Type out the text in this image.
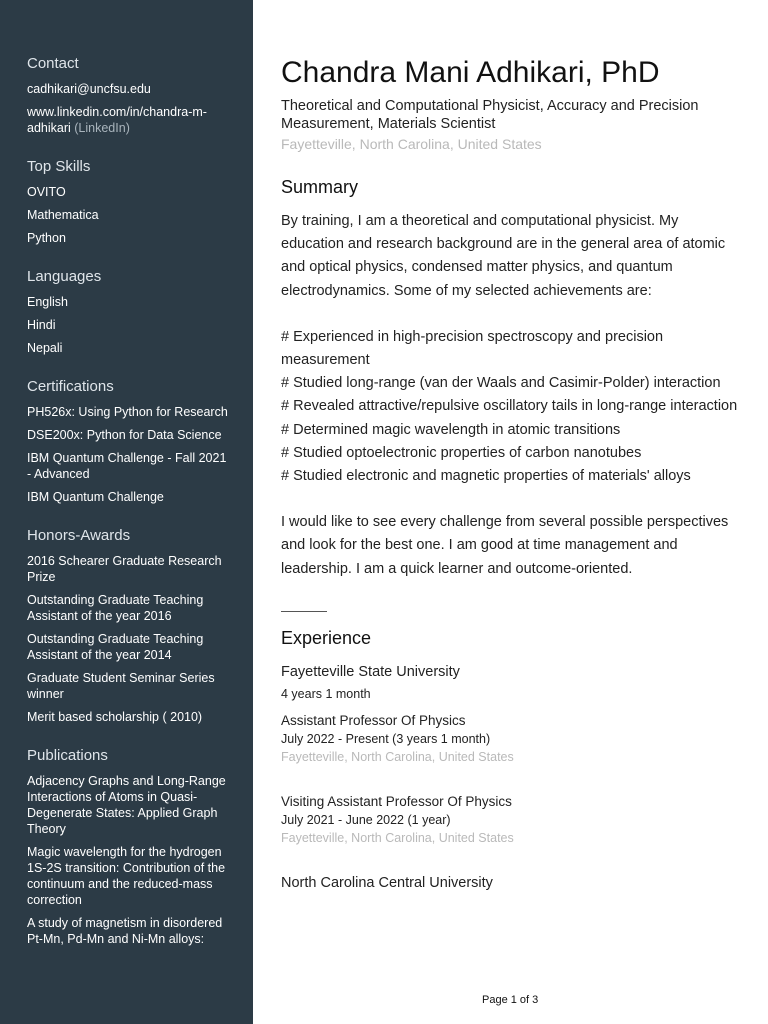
Contact
cadhikari@uncfsu.edu
www.linkedin.com/in/chandra-m-adhikari (LinkedIn)
Top Skills
OVITO
Mathematica
Python
Languages
English
Hindi
Nepali
Certifications
PH526x: Using Python for Research
DSE200x: Python for Data Science
IBM Quantum Challenge - Fall 2021 - Advanced
IBM Quantum Challenge
Honors-Awards
2016 Schearer Graduate Research Prize
Outstanding Graduate Teaching Assistant of the year 2016
Outstanding Graduate Teaching Assistant of the year 2014
Graduate Student Seminar Series winner
Merit based scholarship ( 2010)
Publications
Adjacency Graphs and Long-Range Interactions of Atoms in Quasi-Degenerate States: Applied Graph Theory
Magic wavelength for the hydrogen 1S-2S transition: Contribution of the continuum and the reduced-mass correction
A study of magnetism in disordered Pt-Mn, Pd-Mn and Ni-Mn alloys:
Chandra Mani Adhikari, PhD
Theoretical and Computational Physicist, Accuracy and Precision Measurement, Materials Scientist
Fayetteville, North Carolina, United States
Summary

By training, I am a theoretical and computational physicist. My education and research background are in the general area of atomic and optical physics, condensed matter physics, and quantum electrodynamics. Some of my selected achievements are:

# Experienced in high-precision spectroscopy and precision measurement

# Studied long-range (van der Waals and Casimir-Polder) interaction

# Revealed attractive/repulsive oscillatory tails in long-range interaction

# Determined magic wavelength in atomic transitions

# Studied optoelectronic properties of carbon nanotubes

# Studied electronic and magnetic properties of materials' alloys

I would like to see every challenge from several possible perspectives and look for the best one. I am good at time management and leadership. I am a quick learner and outcome-oriented.

Experience
Fayetteville State University
4 years 1 month
Assistant Professor Of Physics
July 2022 - Present (3 years 1 month)
Fayetteville, North Carolina, United States
Visiting Assistant Professor Of Physics
July 2021 - June 2022 (1 year)
Fayetteville, North Carolina, United States
North Carolina Central University
Page 1 of 3
